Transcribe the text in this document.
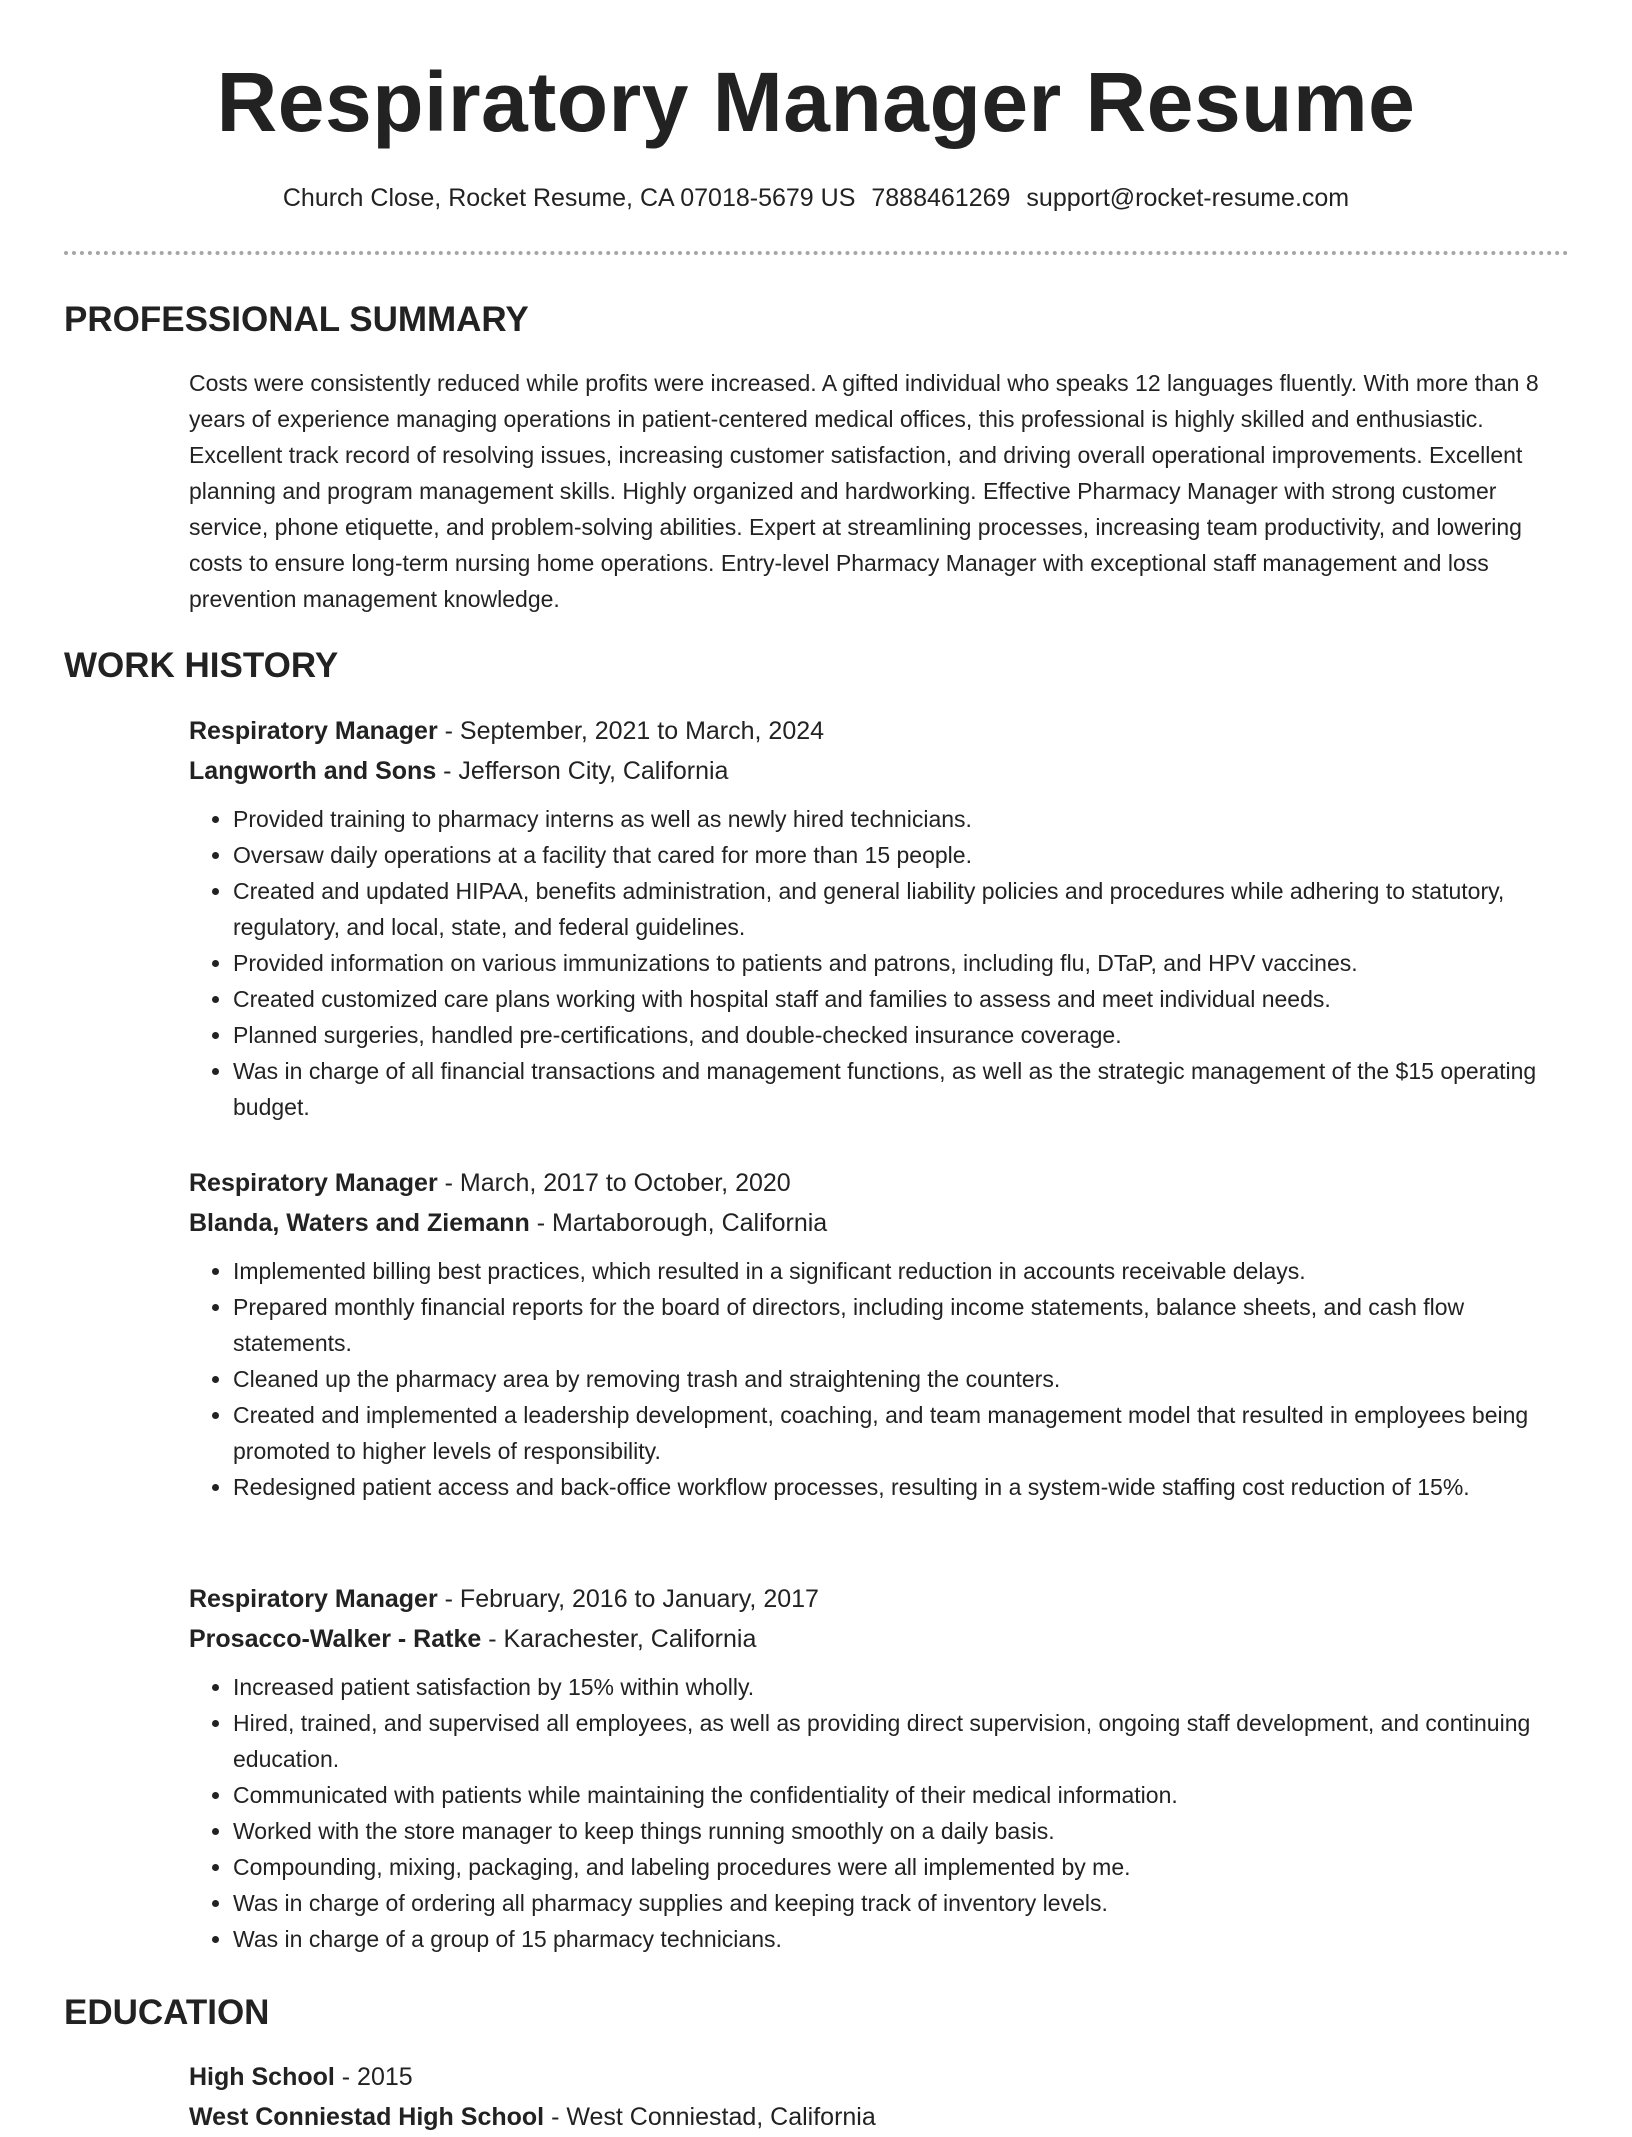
Respiratory Manager Resume
Church Close, Rocket Resume, CA 07018-5679 US 7888461269 support@rocket-resume.com
PROFESSIONAL SUMMARY

Costs were consistently reduced while profits were increased. A gifted individual who speaks 12 languages fluently. With more than 8 years of experience managing operations in patient-centered medical offices, this professional is highly skilled and enthusiastic. Excellent track record of resolving issues, increasing customer satisfaction, and driving overall operational improvements. Excellent planning and program management skills. Highly organized and hardworking. Effective Pharmacy Manager with strong customer service, phone etiquette, and problem-solving abilities. Expert at streamlining processes, increasing team productivity, and lowering costs to ensure long-term nursing home operations. Entry-level Pharmacy Manager with exceptional staff management and loss prevention management knowledge.

WORK HISTORY

Respiratory Manager - September, 2021 to March, 2024

Langworth and Sons - Jefferson City, California

• Provided training to pharmacy interns as well as newly hired technicians.
• Oversaw daily operations at a facility that cared for more than 15 people.
• Created and updated HIPAA, benefits administration, and general liability policies and procedures while adhering to statutory, regulatory, and local, state, and federal guidelines.
• Provided information on various immunizations to patients and patrons, including flu, DTaP, and HPV vaccines.
• Created customized care plans working with hospital staff and families to assess and meet individual needs.
• Planned surgeries, handled pre-certifications, and double-checked insurance coverage.
• Was in charge of all financial transactions and management functions, as well as the strategic management of the $15 operating budget.

Respiratory Manager - March, 2017 to October, 2020

Blanda, Waters and Ziemann - Martaborough, California

• Implemented billing best practices, which resulted in a significant reduction in accounts receivable delays.
• Prepared monthly financial reports for the board of directors, including income statements, balance sheets, and cash flow statements.
• Cleaned up the pharmacy area by removing trash and straightening the counters.
• Created and implemented a leadership development, coaching, and team management model that resulted in employees being promoted to higher levels of responsibility.
• Redesigned patient access and back-office workflow processes, resulting in a system-wide staffing cost reduction of 15%.

Respiratory Manager - February, 2016 to January, 2017

Prosacco-Walker - Ratke - Karachester, California

• Increased patient satisfaction by 15% within wholly.
• Hired, trained, and supervised all employees, as well as providing direct supervision, ongoing staff development, and continuing education.
• Communicated with patients while maintaining the confidentiality of their medical information.
• Worked with the store manager to keep things running smoothly on a daily basis.
• Compounding, mixing, packaging, and labeling procedures were all implemented by me.
• Was in charge of ordering all pharmacy supplies and keeping track of inventory levels.
• Was in charge of a group of 15 pharmacy technicians.
EDUCATION

High School - 2015

West Conniestad High School - West Conniestad, California
